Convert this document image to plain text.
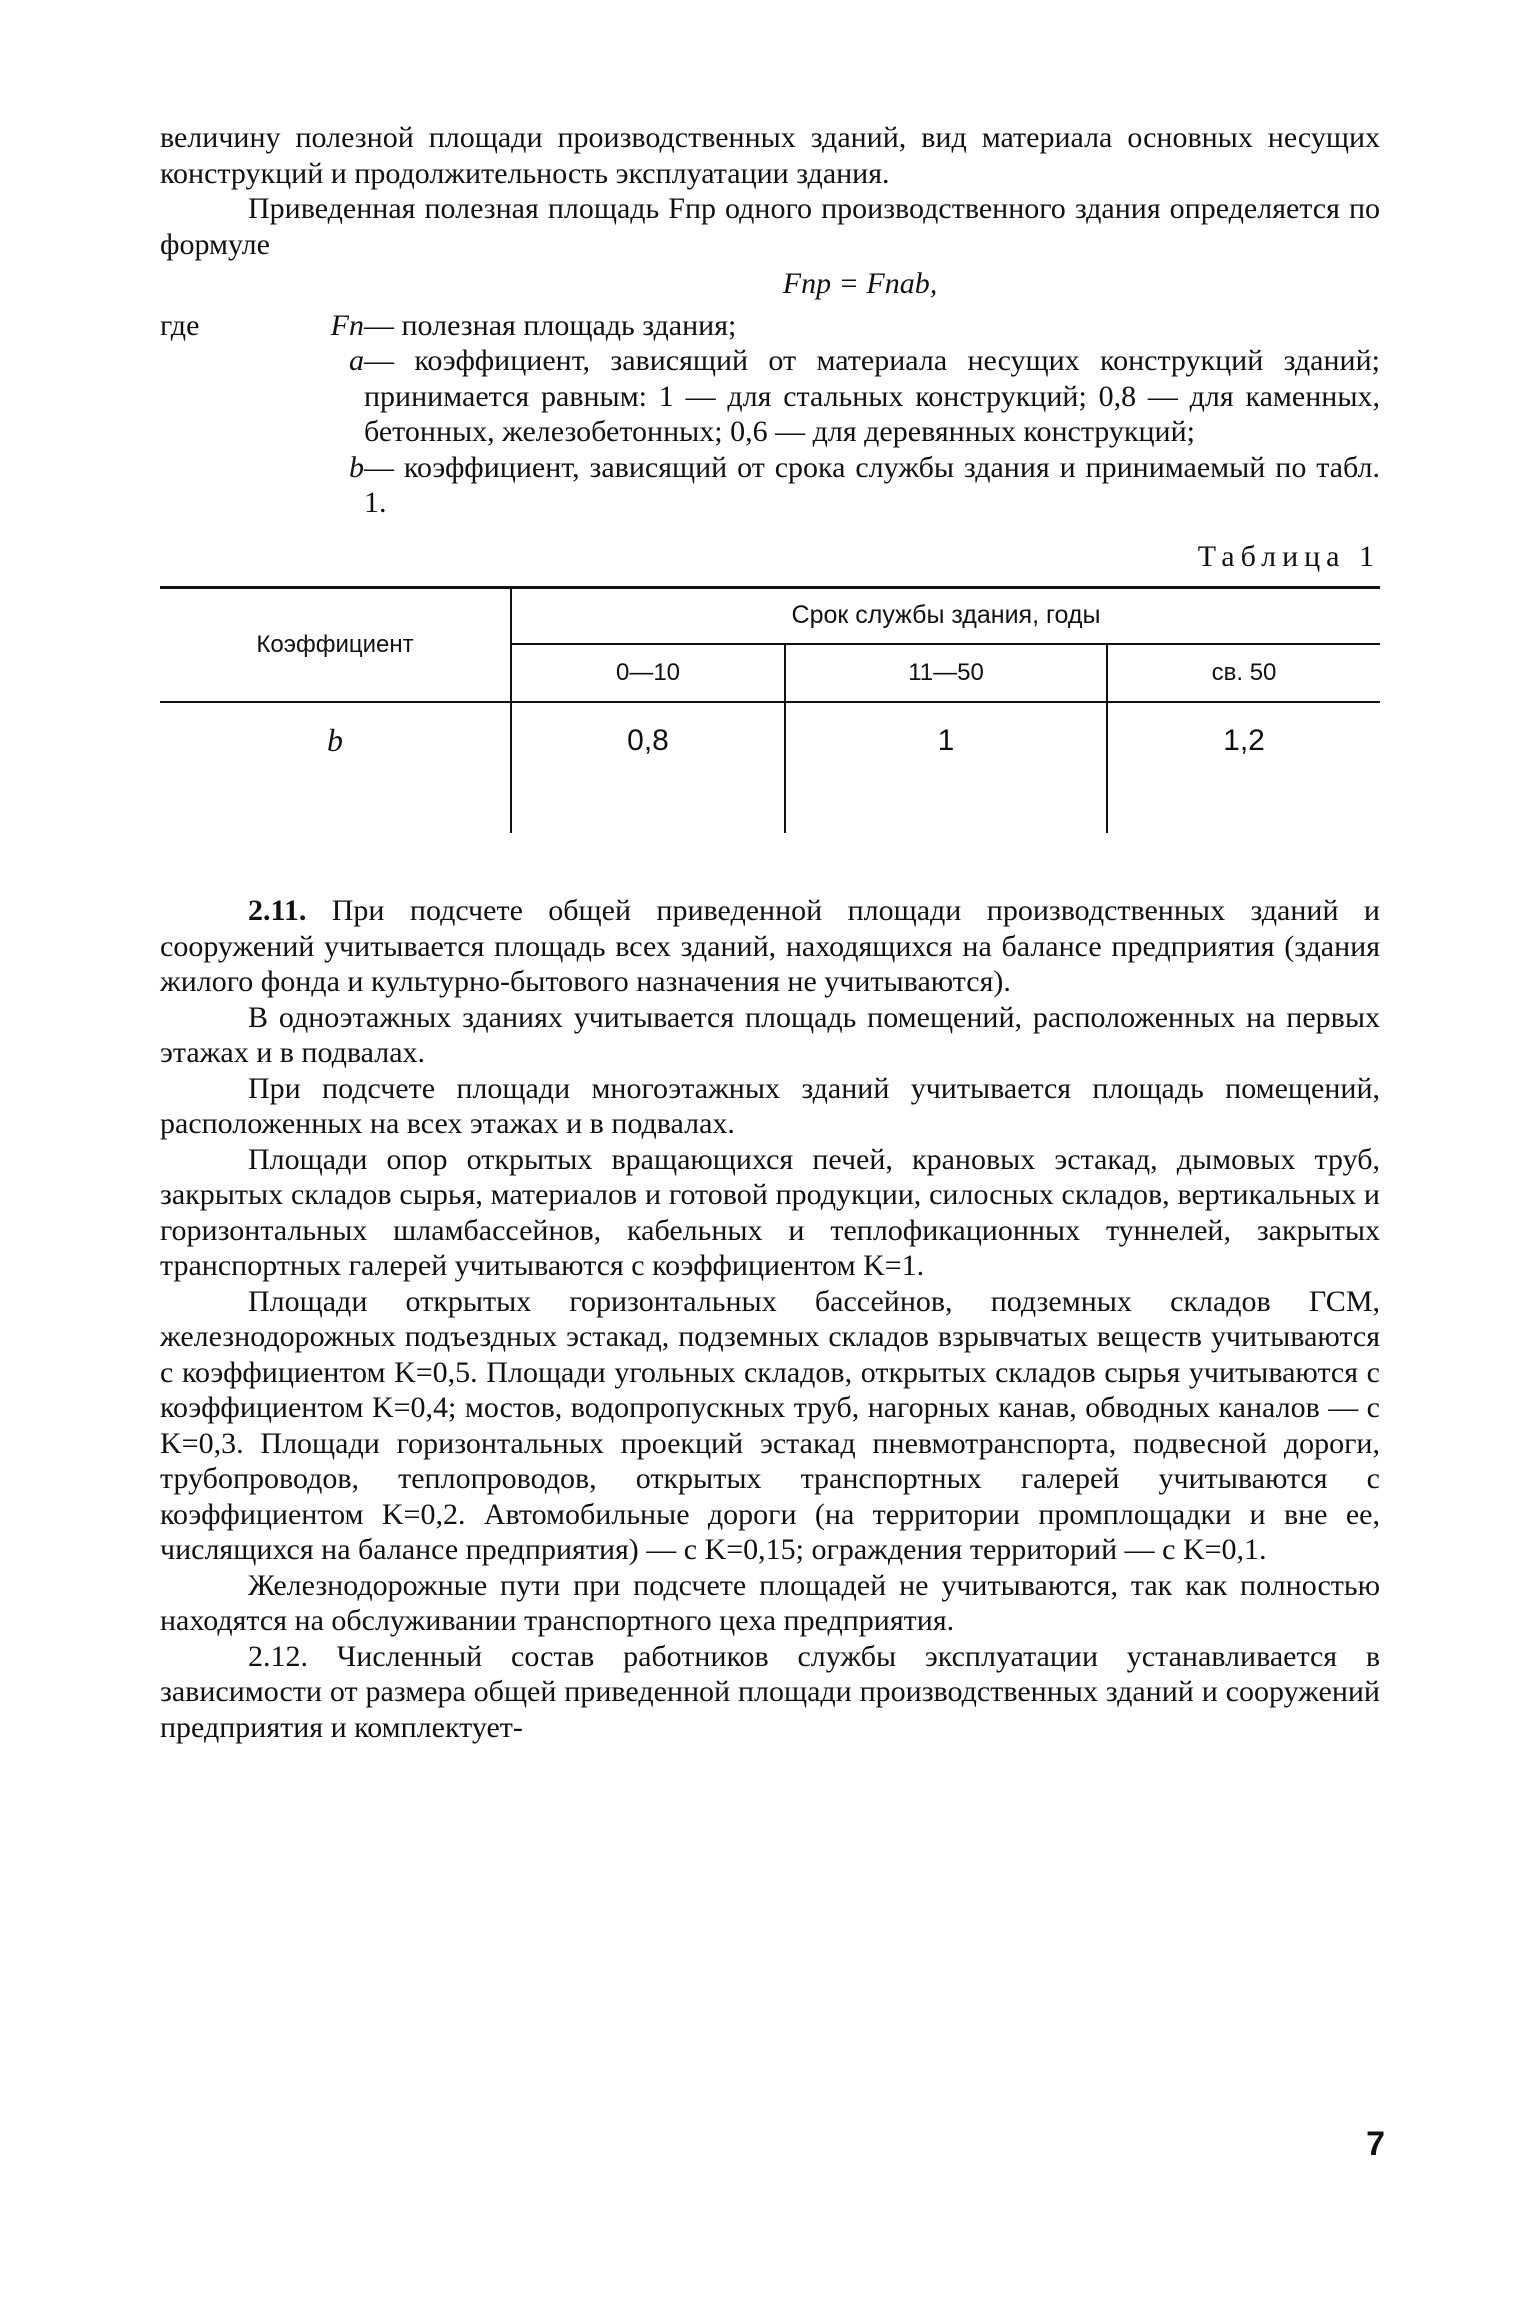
величину полезной площади производственных зданий, вид материала основных несущих конструкций и продолжительность эксплуатации здания.

Приведенная полезная площадь Fпр одного производственного здания определяется по формуле

Fпр = Fпab,

где	Fп — полезная площадь здания;
a — коэффициент, зависящий от материала несущих конструкций зданий; принимается равным: 1 — для стальных конструкций; 0,8 — для каменных, бетонных, железобетонных; 0,6 — для деревянных конструкций;
b — коэффициент, зависящий от срока службы здания и принимаемый по табл. 1.
Таблица 1
Коэффициент	Срок службы здания, годы		
	0—10	11—50	св. 50
b	0,8	1	1,2

2.11. При подсчете общей приведенной площади производственных зданий и сооружений учитывается площадь всех зданий, находящихся на балансе предприятия (здания жилого фонда и культурно-бытового назначения не учитываются).

В одноэтажных зданиях учитывается площадь помещений, расположенных на первых этажах и в подвалах.

При подсчете площади многоэтажных зданий учитывается площадь помещений, расположенных на всех этажах и в подвалах.

Площади опор открытых вращающихся печей, крановых эстакад, дымовых труб, закрытых складов сырья, материалов и готовой продукции, силосных складов, вертикальных и горизонтальных шламбассейнов, кабельных и теплофикационных туннелей, закрытых транспортных галерей учитываются с коэффициентом K=1.

Площади открытых горизонтальных бассейнов, подземных складов ГСМ, железнодорожных подъездных эстакад, подземных складов взрывчатых веществ учитываются с коэффициентом K=0,5. Площади угольных складов, открытых складов сырья учитываются с коэффициентом K=0,4; мостов, водопропускных труб, нагорных канав, обводных каналов — с K=0,3. Площади горизонтальных проекций эстакад пневмотранспорта, подвесной дороги, трубопроводов, теплопроводов, открытых транспортных галерей учитываются с коэффициентом K=0,2. Автомобильные дороги (на территории промплощадки и вне ее, числящихся на балансе предприятия) — с K=0,15; ограждения территорий — с K=0,1.

Железнодорожные пути при подсчете площадей не учитываются, так как полностью находятся на обслуживании транспортного цеха предприятия.

2.12. Численный состав работников службы эксплуатации устанавливается в зависимости от размера общей приведенной площади производственных зданий и сооружений предприятия и комплектует-

7
